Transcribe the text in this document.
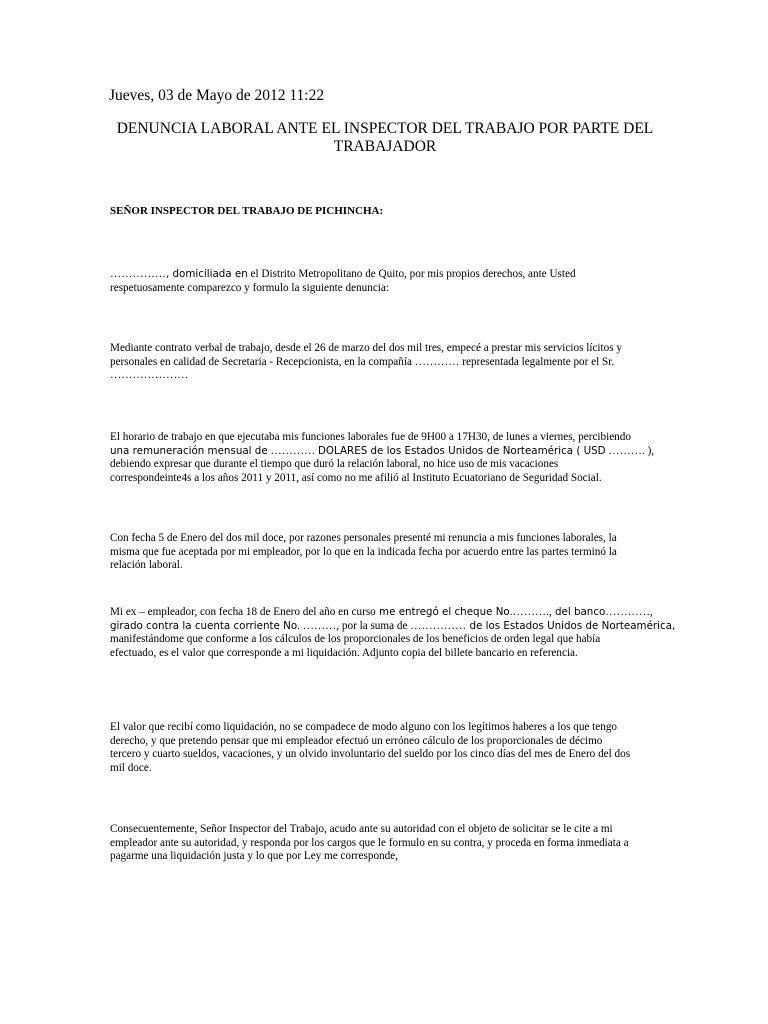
Jueves, 03 de Mayo de 2012 11:22
DENUNCIA LABORAL ANTE EL INSPECTOR DEL TRABAJO POR PARTE DEL
TRABAJADOR
SEÑOR INSPECTOR DEL TRABAJO DE PICHINCHA:
……………, domiciliada en el Distrito Metropolitano de Quito, por mis propios derechos, ante Usted
respetuosamente comparezco y formulo la siguiente denuncia:
Mediante contrato verbal de trabajo, desde el 26 de marzo del dos mil tres, empecé a prestar mis servicios lícitos y
personales en calidad de Secretaria - Recepcionista, en la compañía ………… representada legalmente por el Sr.
…………………
El horario de trabajo en que ejecutaba mis funciones laborales fue de 9H00 a 17H30, de lunes a viernes, percibiendo
una remuneración mensual de ………… DOLARES de los Estados Unidos de Norteamérica ( USD ………. ),
debiendo expresar que durante el tiempo que duró la relación laboral, no hice uso de mis vacaciones
correspondeinte4s a los años 2011 y 2011, así como no me afilió al Instituto Ecuatoriano de Seguridad Social.
Con fecha 5 de Enero del dos mil doce, por razones personales presenté mi renuncia a mis funciones laborales, la
misma que fue aceptada por mi empleador, por lo que en la indicada fecha por acuerdo entre las partes terminó la
relación laboral.
Mi ex – empleador, con fecha 18 de Enero del año en curso me entregó el cheque No.………., del banco…………,
girado contra la cuenta corriente No. ………, por la suma de …………… de los Estados Unidos de Norteamérica,
manifestándome que conforme a los cálculos de los proporcionales de los beneficios de orden legal que había
efectuado, es el valor que corresponde a mi liquidación. Adjunto copia del billete bancario en referencia.
El valor que recibí como liquidación, no se compadece de modo alguno con los legítimos haberes a los que tengo
derecho, y que pretendo pensar que mi empleador efectuó un erróneo cálculo de los proporcionales de décimo
tercero y cuarto sueldos, vacaciones, y un olvido involuntario del sueldo por los cinco días del mes de Enero del dos
mil doce.
Consecuentemente, Señor Inspector del Trabajo, acudo ante su autoridad con el objeto de solicitar se le cite a mi
empleador ante su autoridad, y responda por los cargos que le formulo en su contra, y proceda en forma inmediata a
pagarme una liquidación justa y lo que por Ley me corresponde,
